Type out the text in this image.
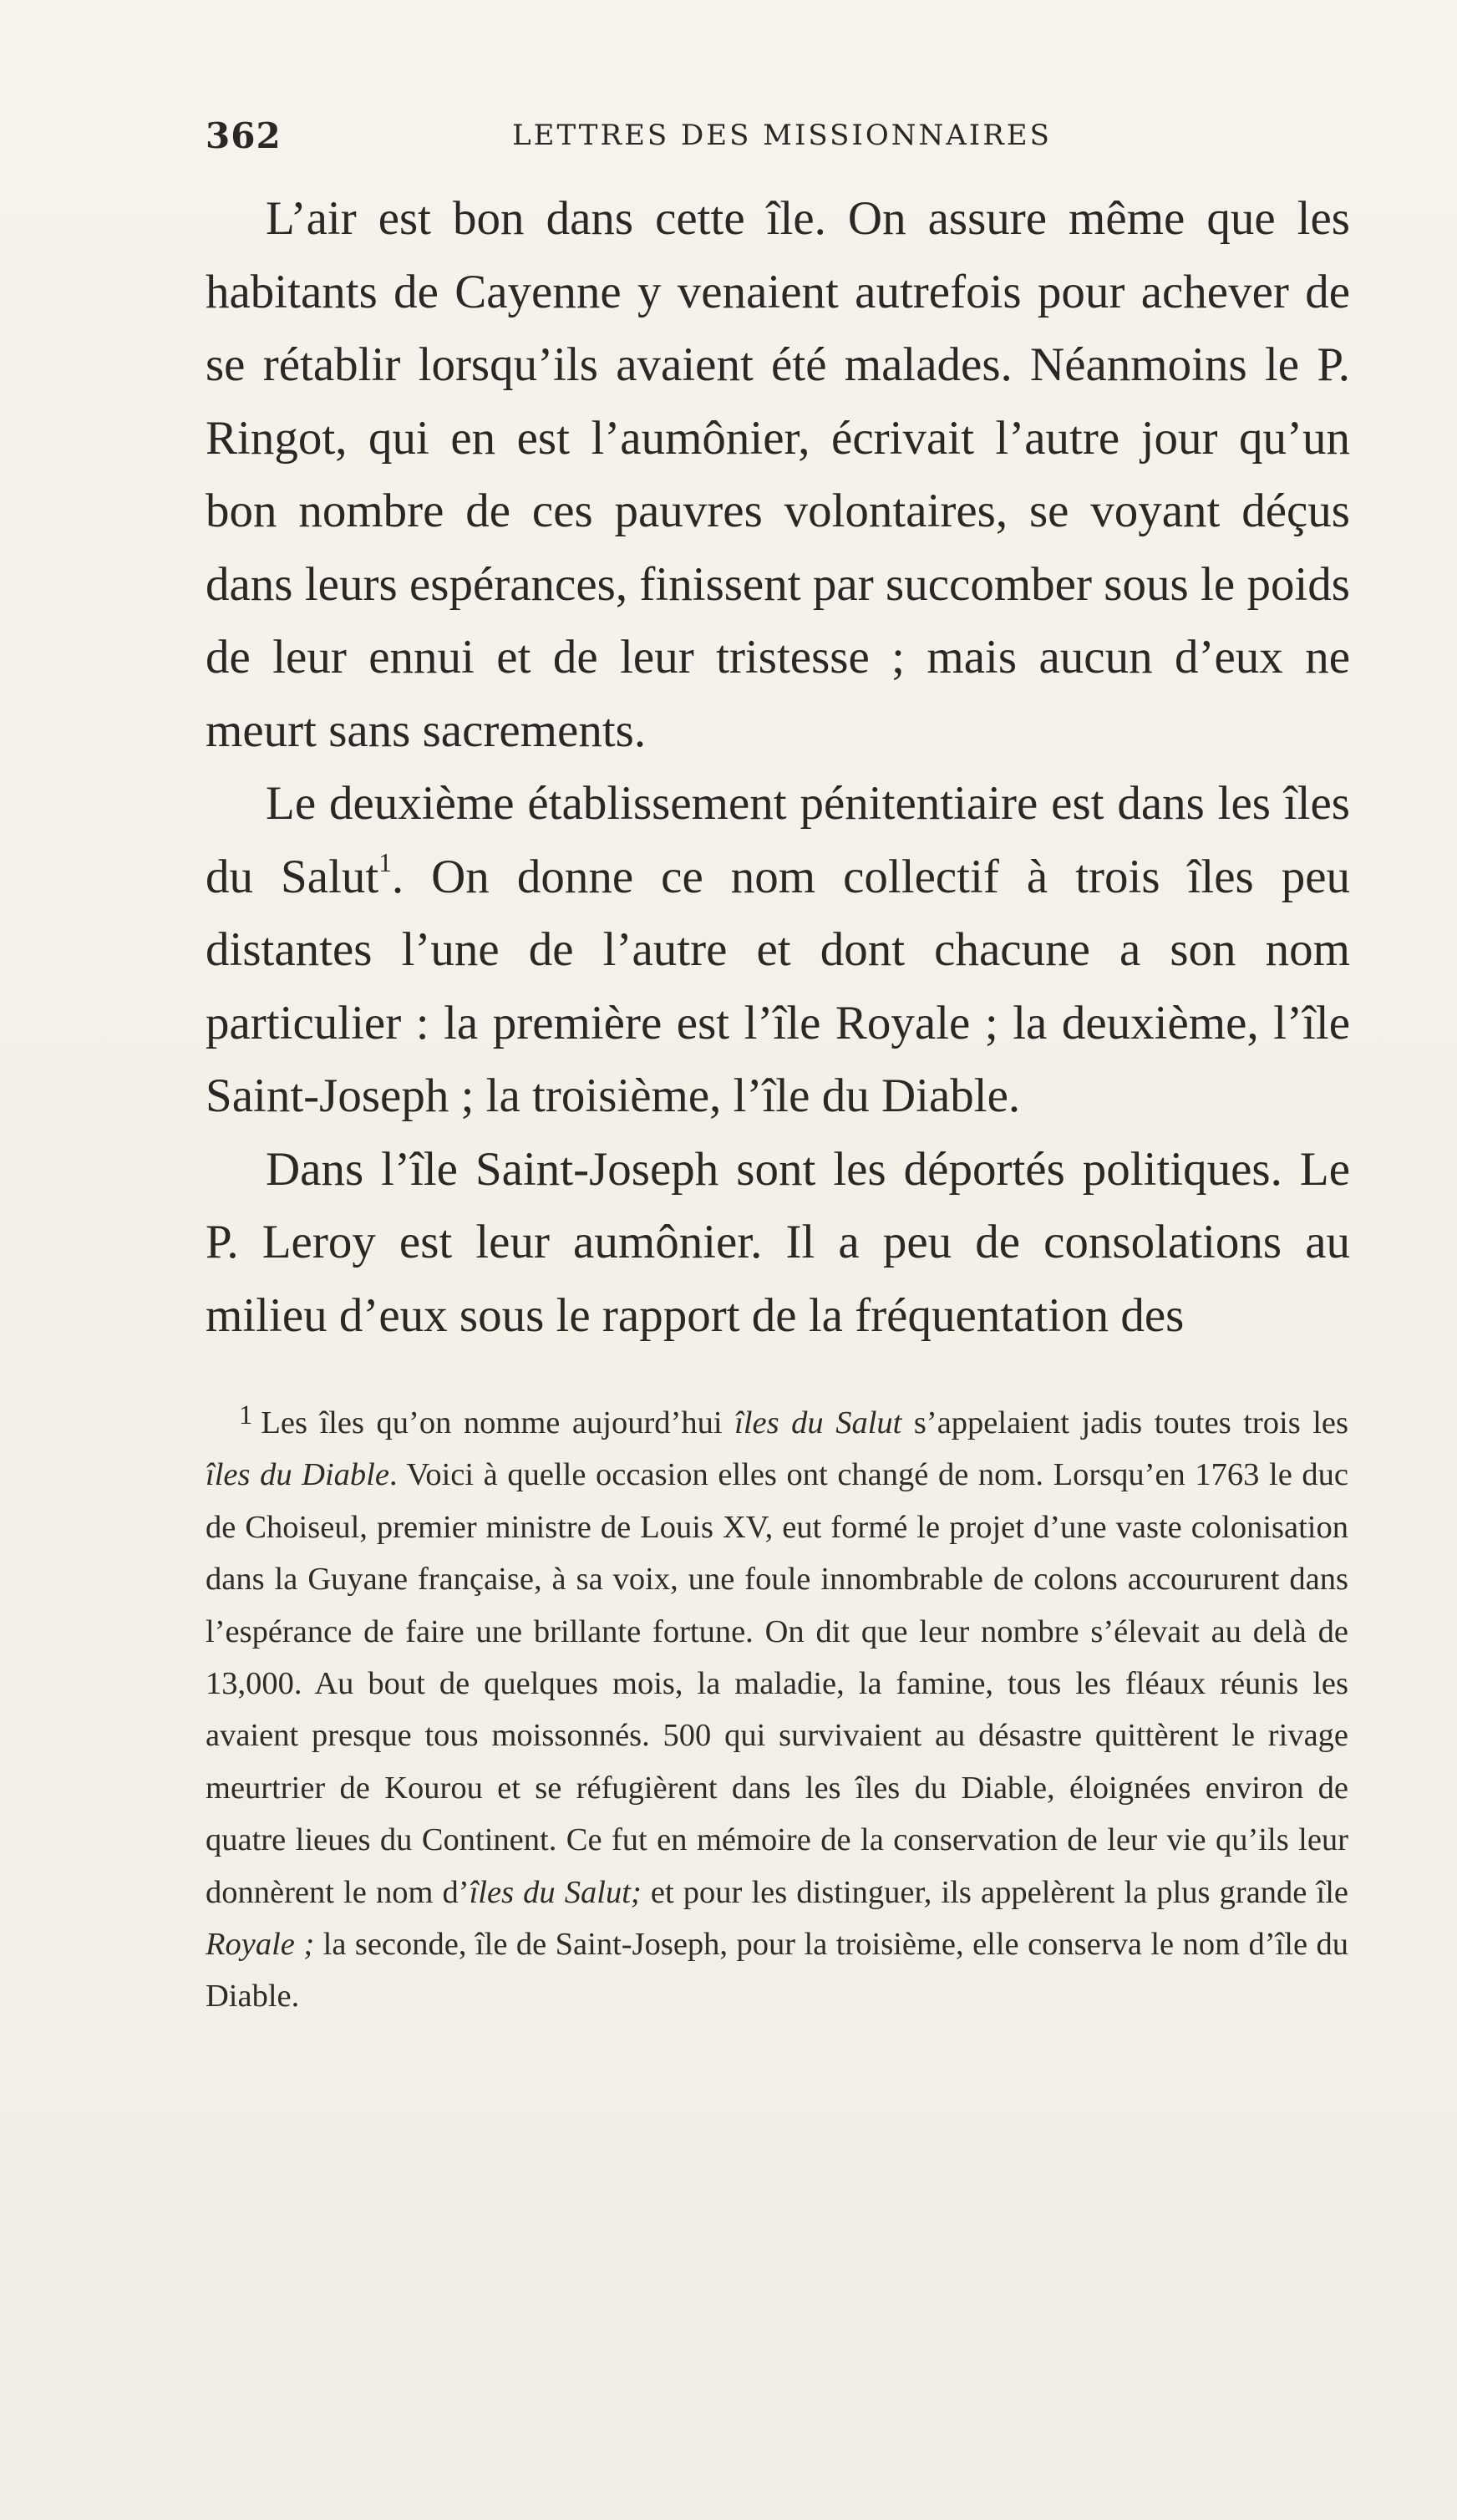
362	LETTRES DES MISSIONNAIRES

L’air est bon dans cette île. On assure même que les habitants de Cayenne y venaient autrefois pour achever de se rétablir lorsqu’ils avaient été malades. Néanmoins le P. Ringot, qui en est l’aumônier, écrivait l’autre jour qu’un bon nombre de ces pauvres volontaires, se voyant déçus dans leurs espérances, finissent par succomber sous le poids de leur ennui et de leur tristesse ; mais aucun d’eux ne meurt sans sacrements.

Le deuxième établissement pénitentiaire est dans les îles du Salut$^1$. On donne ce nom collectif à trois îles peu distantes l’une de l’autre et dont chacune a son nom particulier : la première est l’île Royale ; la deuxième, l’île Saint-Joseph ; la troisième, l’île du Diable.

Dans l’île Saint-Joseph sont les déportés politiques. Le P. Leroy est leur aumônier. Il a peu de consolations au milieu d’eux sous le rapport de la fréquentation des

$^1$ Les îles qu’on nomme aujourd’hui îles du Salut s’appelaient jadis toutes trois les îles du Diable. Voici à quelle occasion elles ont changé de nom. Lorsqu’en 1763 le duc de Choiseul, premier ministre de Louis XV, eut formé le projet d’une vaste colonisation dans la Guyane française, à sa voix, une foule innombrable de colons accoururent dans l’espérance de faire une brillante fortune. On dit que leur nombre s’élevait au delà de 13,000. Au bout de quelques mois, la maladie, la famine, tous les fléaux réunis les avaient presque tous moissonnés. 500 qui survivaient au désastre quittèrent le rivage meurtrier de Kourou et se réfugièrent dans les îles du Diable, éloignées environ de quatre lieues du Continent. Ce fut en mémoire de la conservation de leur vie qu’ils leur donnèrent le nom d’îles du Salut; et pour les distinguer, ils appelèrent la plus grande île Royale ; la seconde, île de Saint-Joseph, pour la troisième, elle conserva le nom d’île du Diable.
